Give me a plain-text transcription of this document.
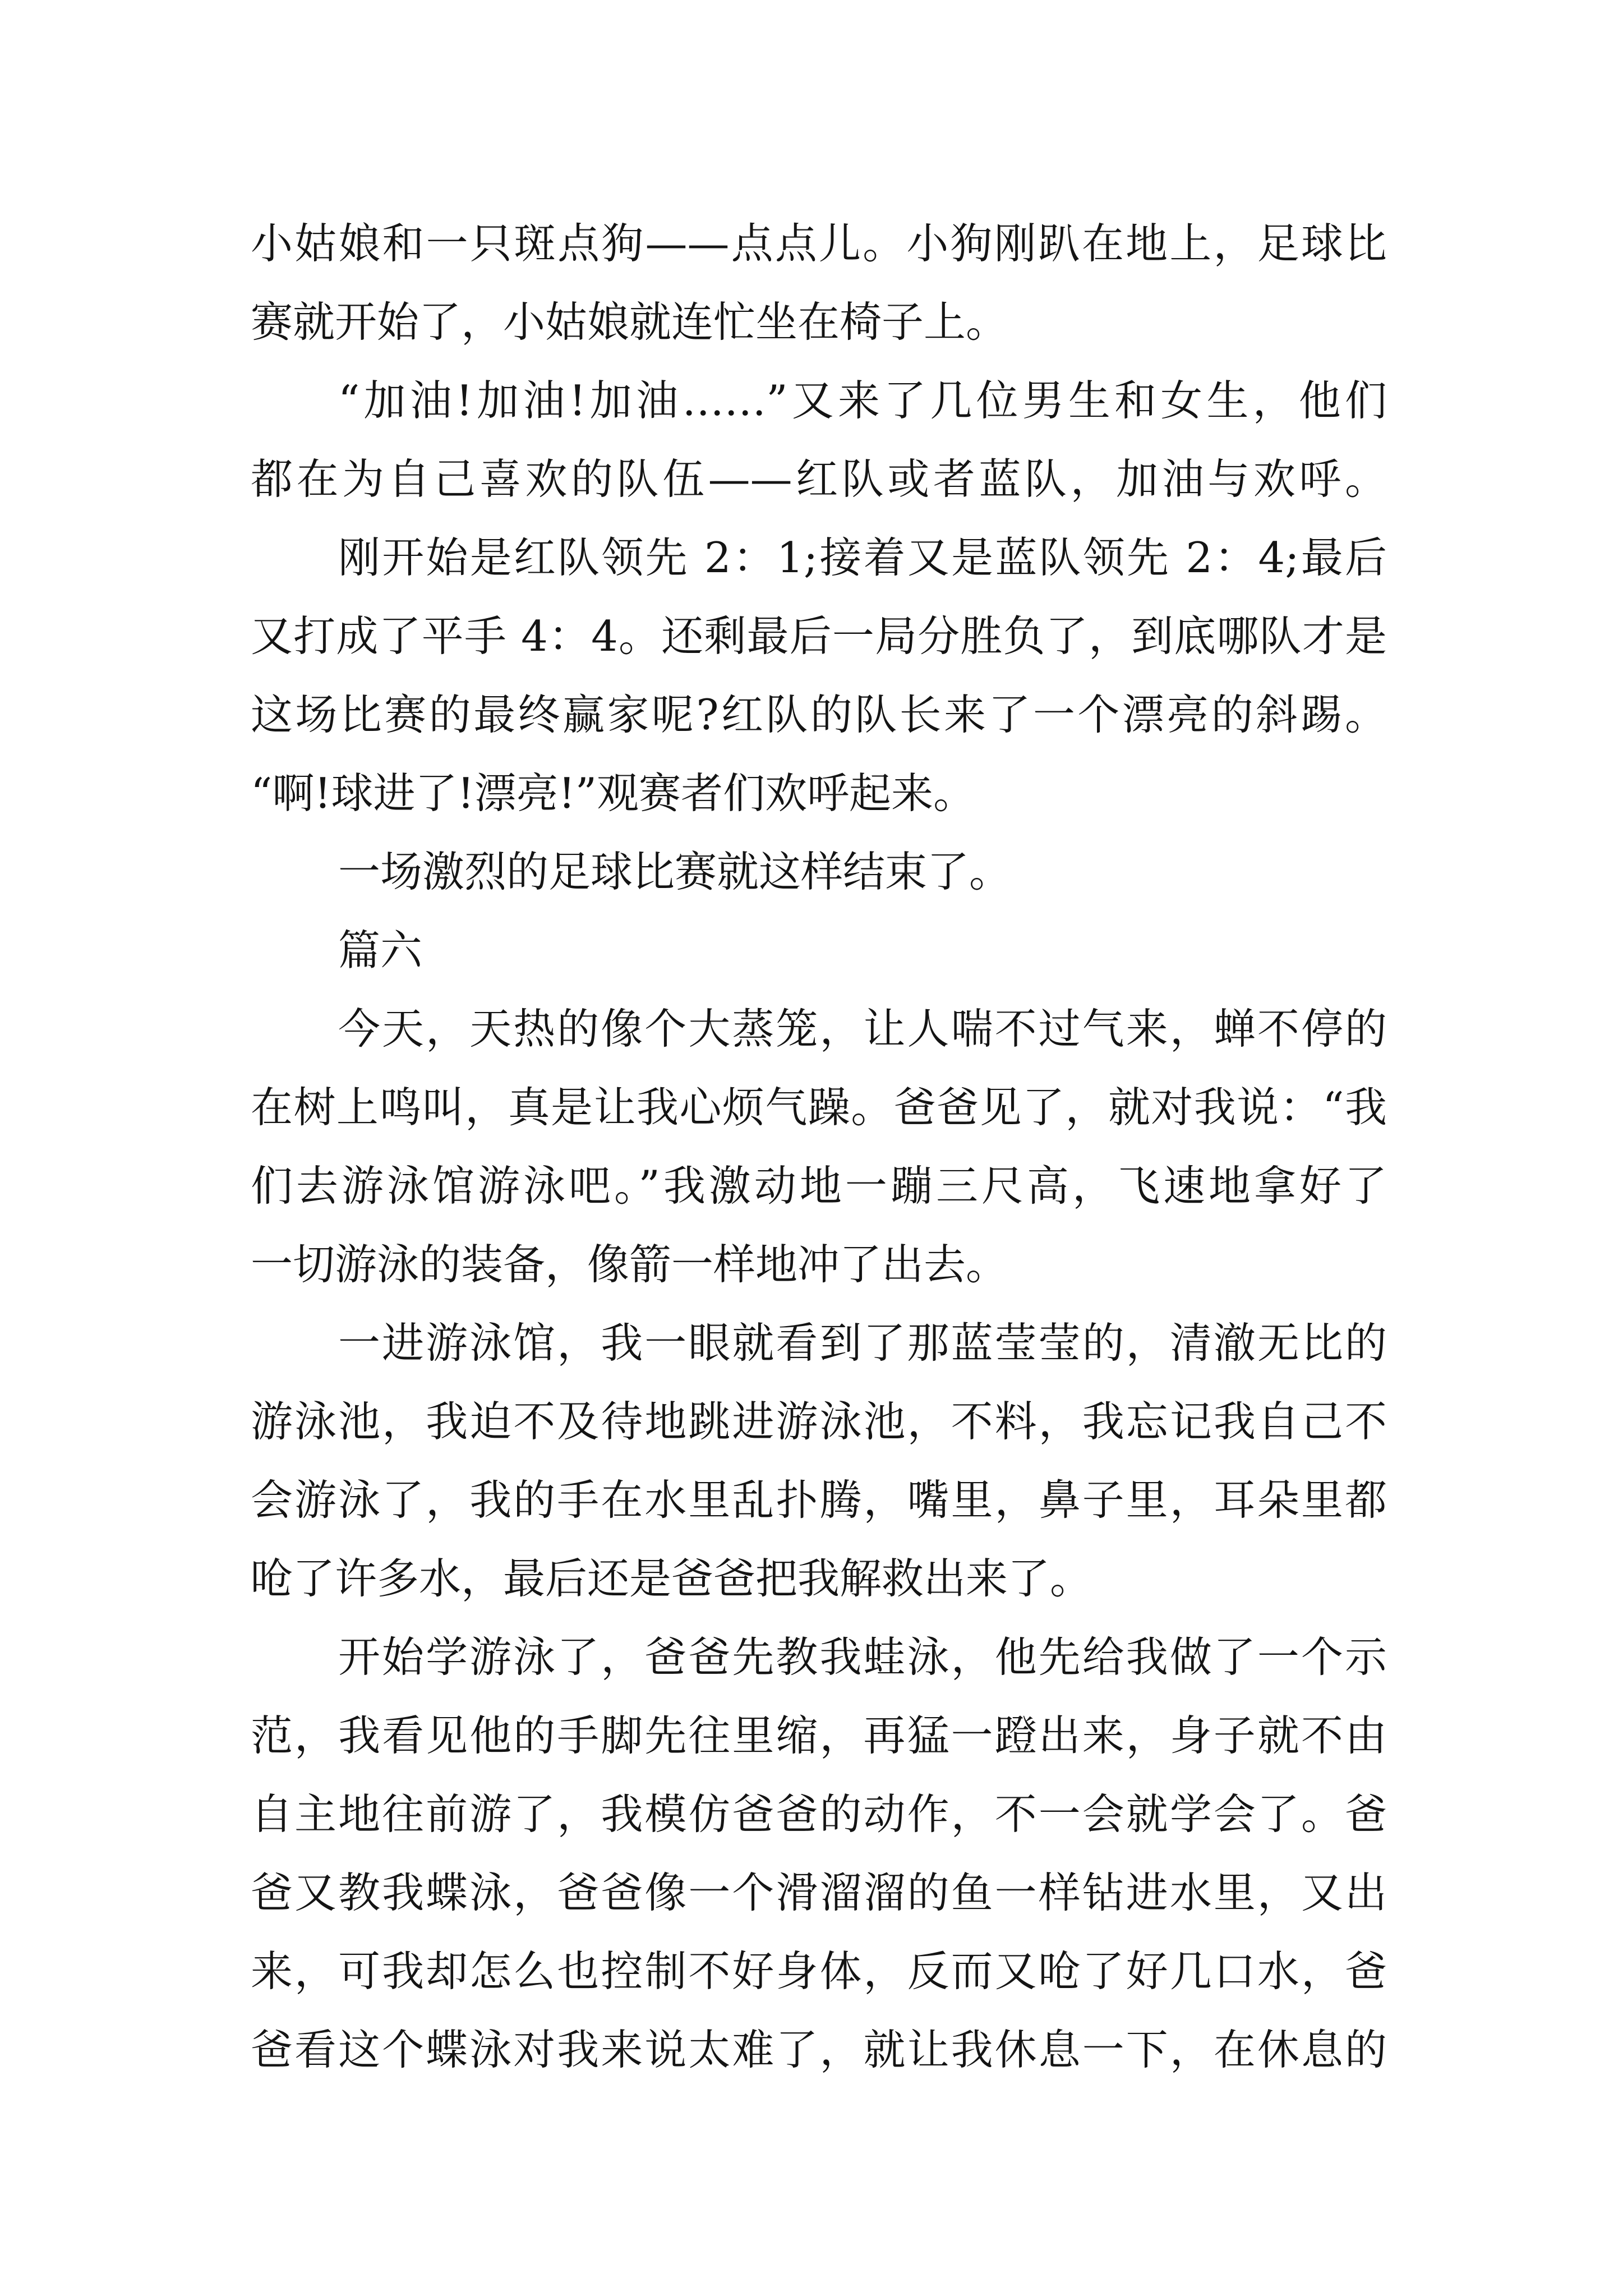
小姑娘和一只斑点狗——点点儿。小狗刚趴在地上，足球比
赛就开始了，小姑娘就连忙坐在椅子上。
“加油!加油!加油……”又来了几位男生和女生，他们
都在为自己喜欢的队伍——红队或者蓝队，加油与欢呼。
刚开始是红队领先 2：1;接着又是蓝队领先 2：4;最后
又打成了平手 4：4。还剩最后一局分胜负了，到底哪队才是
这场比赛的最终赢家呢?红队的队长来了一个漂亮的斜踢。
“啊!球进了!漂亮!”观赛者们欢呼起来。
一场激烈的足球比赛就这样结束了。
篇六
今天，天热的像个大蒸笼，让人喘不过气来，蝉不停的
在树上鸣叫，真是让我心烦气躁。爸爸见了，就对我说：“我
们去游泳馆游泳吧。”我激动地一蹦三尺高，飞速地拿好了
一切游泳的装备，像箭一样地冲了出去。
一进游泳馆，我一眼就看到了那蓝莹莹的，清澈无比的
游泳池，我迫不及待地跳进游泳池，不料，我忘记我自己不
会游泳了，我的手在水里乱扑腾，嘴里，鼻子里，耳朵里都
呛了许多水，最后还是爸爸把我解救出来了。
开始学游泳了，爸爸先教我蛙泳，他先给我做了一个示
范，我看见他的手脚先往里缩，再猛一蹬出来，身子就不由
自主地往前游了，我模仿爸爸的动作，不一会就学会了。爸
爸又教我蝶泳，爸爸像一个滑溜溜的鱼一样钻进水里，又出
来，可我却怎么也控制不好身体，反而又呛了好几口水，爸
爸看这个蝶泳对我来说太难了，就让我休息一下，在休息的
